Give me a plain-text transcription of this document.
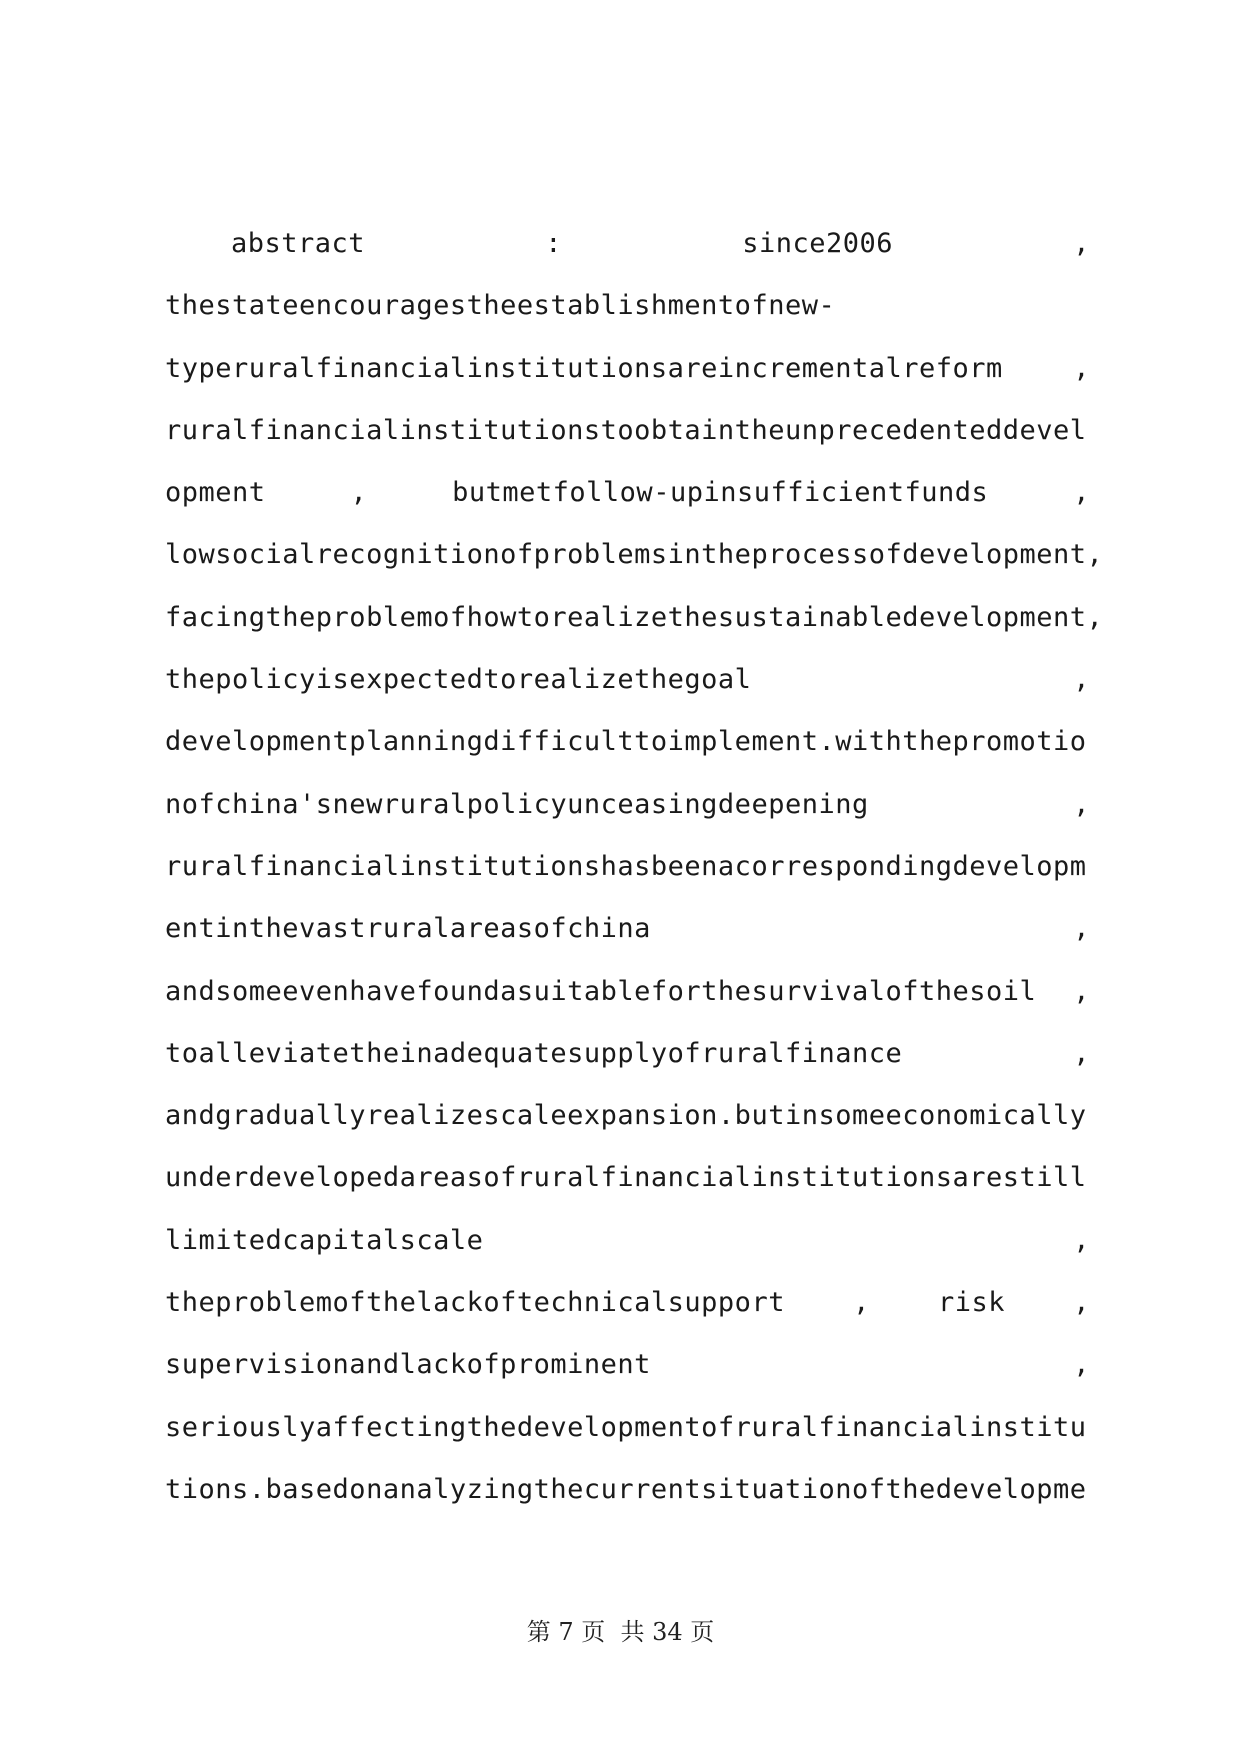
abstract	:	since2006	,
thestateencouragestheestablishmentofnew-
typeruralfinancialinstitutionsareincrementalreform	,
ruralfinancialinstitutionstoobtaintheunprecedenteddevel
opment	,	butmetfollow-upinsufficientfunds	,
lowsocialrecognitionofproblemsintheprocessofdevelopment,
facingtheproblemofhowtorealizethesustainabledevelopment,
thepolicyisexpectedtorealizethegoal	,
developmentplanningdifficulttoimplement.withthepromotio
nofchina'snewruralpolicyunceasingdeepening	,
ruralfinancialinstitutionshasbeenacorrespondingdevelopm
entinthevastruralareasofchina	,
andsomeevenhavefoundasuitableforthesurvivalofthesoil ,
toalleviatetheinadequatesupplyofruralfinance	,
andgraduallyrealizescaleexpansion.butinsomeeconomically
underdevelopedareasofruralfinancialinstitutionsarestill
limitedcapitalscale	,
theproblemofthelackoftechnicalsupport	,	risk	,
supervisionandlackofprominent	,
seriouslyaffectingthedevelopmentofruralfinancialinstitu
tions.basedonanalyzingthecurrentsituationofthedevelopme
第 7 页  共 34 页
